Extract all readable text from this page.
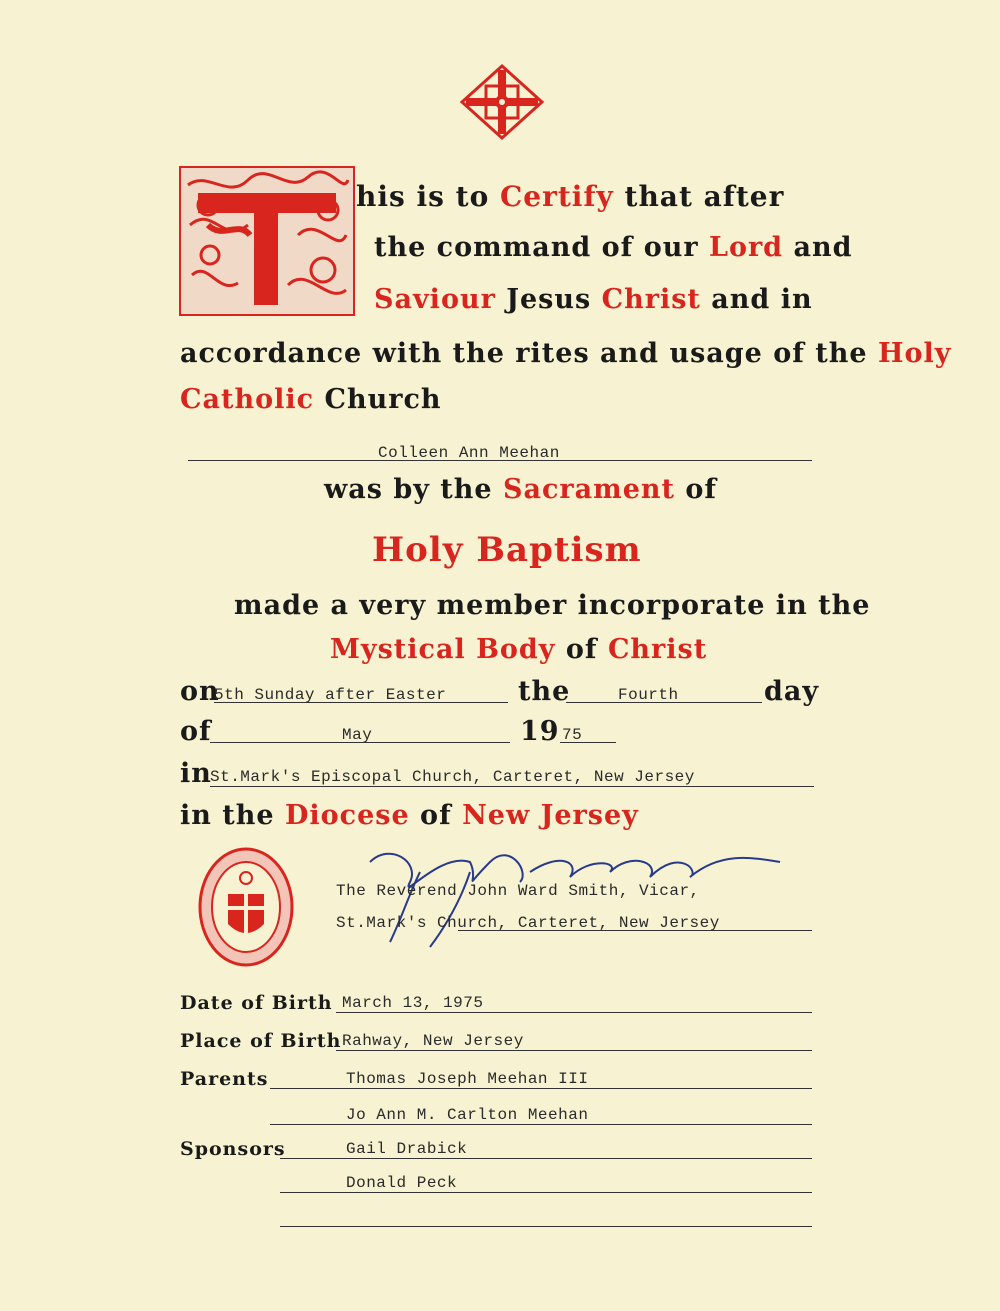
his is to Certify that after
the command of our Lord and
Saviour Jesus Christ and in
accordance with the rites and usage of the Holy
Catholic Church
Colleen Ann Meehan
was by the Sacrament of
Holy Baptism
made a very member incorporate in the
Mystical Body of Christ
on
5th Sunday after Easter	the	Fourth	day
of	May	19 75
in
St.Mark's Episcopal Church, Carteret, New Jersey
in the Diocese of New Jersey
The Reverend John Ward Smith, Vicar,
St.Mark's Church, Carteret, New Jersey
Date of Birth March 13, 1975
Place of Birth Rahway, New Jersey
Parents	Thomas Joseph Meehan III
Jo Ann M. Carlton Meehan
Sponsors	Gail Drabick
Donald Peck
